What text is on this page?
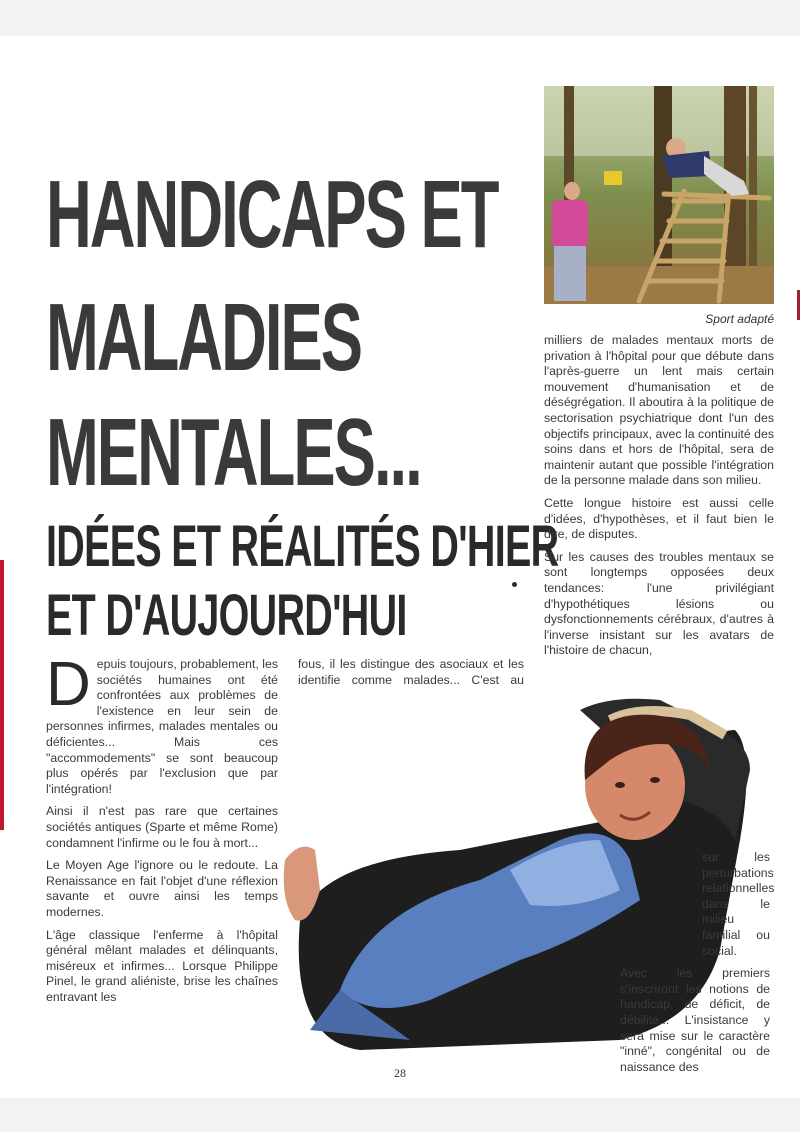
HANDICAPS ET
MALADIES
MENTALES...
IDÉES ET RÉALITÉS D'HIER
ET D'AUJOURD'HUI
Sport adapté

Depuis toujours, probablement, les sociétés humaines ont été confrontées aux problèmes de l'existence en leur sein de personnes infirmes, malades mentales ou déficientes... Mais ces "accommodements" se sont beaucoup plus opérés par l'exclusion que par l'intégration!

Ainsi il n'est pas rare que certaines sociétés antiques (Sparte et même Rome) condamnent l'infirme ou le fou à mort...

Le Moyen Age l'ignore ou le redoute. La Renaissance en fait l'objet d'une réflexion savante et ouvre ainsi les temps modernes.

L'âge classique l'enferme à l'hôpital général mêlant malades et délinquants, miséreux et infirmes... Lorsque Philippe Pinel, le grand aliéniste, brise les chaînes entravant les

fous, il les distingue des asociaux et les identifie comme malades... C'est au

milliers de malades mentaux morts de privation à l'hôpital pour que débute dans l'après-guerre un lent mais certain mouvement d'humanisation et de déségrégation. Il aboutira à la politique de sectorisation psychiatrique dont l'un des objectifs principaux, avec la continuité des soins dans et hors de l'hôpital, sera de maintenir autant que possible l'intégration de la personne malade dans son milieu.

Cette longue histoire est aussi celle d'idées, d'hypothèses, et il faut bien le dire, de disputes.

Sur les causes des troubles mentaux se sont longtemps opposées deux tendances: l'une privilégiant d'hypothétiques lésions ou dysfonctionnements cérébraux, d'autres à l'inverse insistant sur les avatars de l'histoire de chacun,

sur les perturbations relationnelles dans le milieu familial ou social.

Avec les premiers s'inscriront les notions de handicap, de déficit, de débilité... L'insistance y sera mise sur le caractère "inné", congénital ou de naissance des

28
